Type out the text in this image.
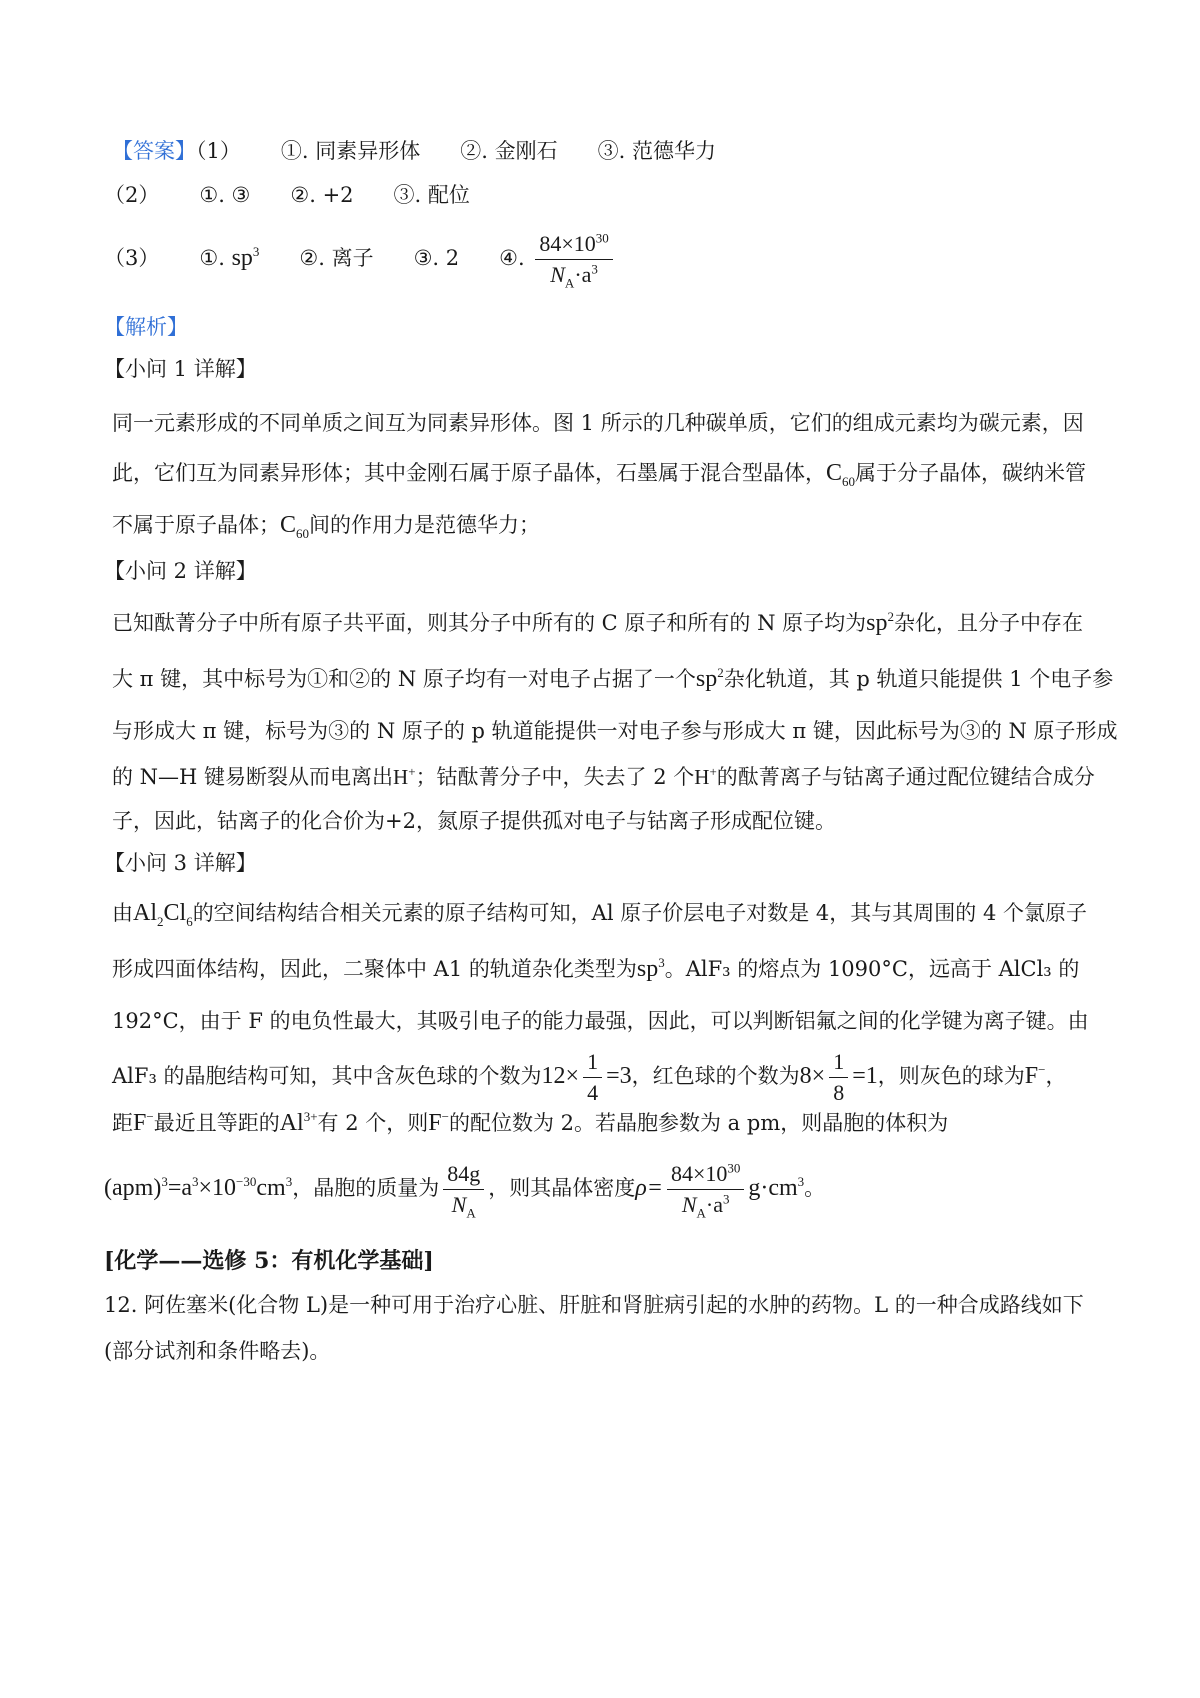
【答案】（1） ①. 同素异形体 ②. 金刚石 ③. 范德华力
（2） ①. ③ ②. +2 ③. 配位
（3） ①. $sp^3$ ②. 离子 ③. 2 ④. $\frac{84\times 10^{30}}{N_A\cdot a^3}$
【解析】
【小问 1 详解】
同一元素形成的不同单质之间互为同素异形体。图 1 所示的几种碳单质，它们的组成元素均为碳元素，因
此，它们互为同素异形体；其中金刚石属于原子晶体，石墨属于混合型晶体，$C_{60}$属于分子晶体，碳纳米管
不属于原子晶体；$C_{60}$间的作用力是范德华力；
【小问 2 详解】
已知酞菁分子中所有原子共平面，则其分子中所有的 C 原子和所有的 N 原子均为$sp^2$杂化，且分子中存在
大 π 键，其中标号为①和②的 N 原子均有一对电子占据了一个$sp^2$杂化轨道，其 p 轨道只能提供 1 个电子参
与形成大 π 键，标号为③的 N 原子的 p 轨道能提供一对电子参与形成大 π 键，因此标号为③的 N 原子形成
的 N—H 键易断裂从而电离出H+；钴酞菁分子中，失去了 2 个H+的酞菁离子与钴离子通过配位键结合成分
子，因此，钴离子的化合价为+2，氮原子提供孤对电子与钴离子形成配位键。
【小问 3 详解】
由$Al_2Cl_6$的空间结构结合相关元素的原子结构可知，Al 原子价层电子对数是 4，其与其周围的 4 个氯原子
形成四面体结构，因此，二聚体中 A1 的轨道杂化类型为$sp^3$。AlF₃ 的熔点为 1090°C，远高于 AlCl₃ 的
192°C，由于 F 的电负性最大，其吸引电子的能力最强，因此，可以判断铝氟之间的化学键为离子键。由
AlF₃ 的晶胞结构可知，其中含灰色球的个数为$12\times \frac{1}{4} =3$，红色球的个数为$8\times \frac{1}{8} =1$，则灰色的球为F−，
距F−最近且等距的$Al^{3+}$有 2 个，则F−的配位数为 2。若晶胞参数为 a pm，则晶胞的体积为
$(apm)^3=a^3\times 10^{-30}cm^3$，晶胞的质量为 $\frac{84g}{N_A}$ ，则其晶体密度$\rho= \frac{84\times 10^{30}}{N_A\cdot a^3} g\cdot cm^3$。
[化学——选修 5：有机化学基础]
12. 阿佐塞米(化合物 L)是一种可用于治疗心脏、肝脏和肾脏病引起的水肿的药物。L 的一种合成路线如下
(部分试剂和条件略去)。
